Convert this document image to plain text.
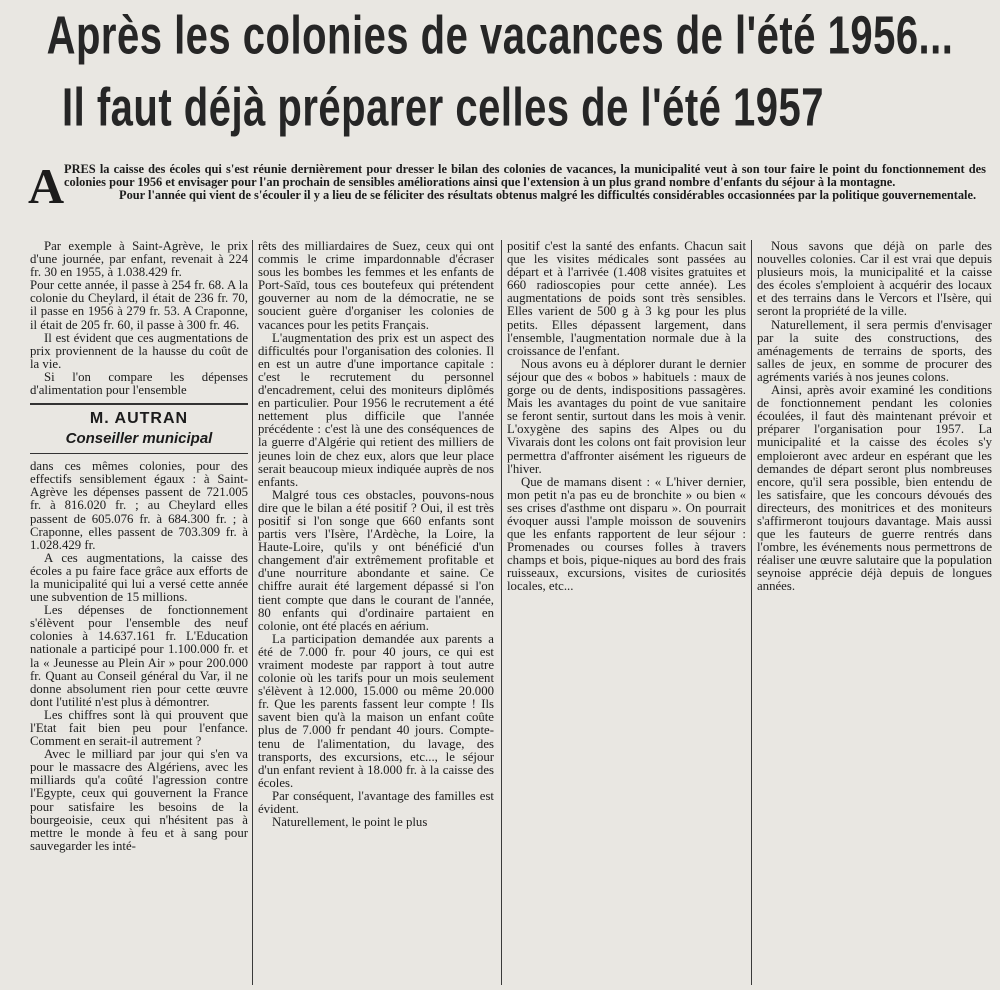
Après les colonies de vacances de l'été 1956...
Il faut déjà préparer celles de l'été 1957
A PRES la caisse des écoles qui s'est réunie dernièrement pour dresser le bilan des colonies de vacances, la municipalité veut à son tour faire le point du fonctionnement des colonies pour 1956 et envisager pour l'an prochain de sensibles améliorations ainsi que l'extension à un plus grand nombre d'enfants du séjour à la montagne.

Pour l'année qui vient de s'écouler il y a lieu de se féliciter des résultats obtenus malgré les difficultés considérables occasionnées par la politique gouvernementale.

Par exemple à Saint-Agrève, le prix d'une journée, par enfant, revenait à 224 fr. 30 en 1955, à 1.038.429 fr.

Pour cette année, il passe à 254 fr. 68. A la colonie du Cheylard, il était de 236 fr. 70, il passe en 1956 à 279 fr. 53. A Craponne, il était de 205 fr. 60, il passe à 300 fr. 46.

Il est évident que ces augmentations de prix proviennent de la hausse du coût de la vie.

Si l'on compare les dépenses d'alimentation pour l'ensemble

M. AUTRAN
Conseiller municipal

dans ces mêmes colonies, pour des effectifs sensiblement égaux : à Saint-Agrève les dépenses passent de 721.005 fr. à 816.020 fr. ; au Cheylard elles passent de 605.076 fr. à 684.300 fr. ; à Craponne, elles passent de 703.309 fr. à 1.028.429 fr.

A ces augmentations, la caisse des écoles a pu faire face grâce aux efforts de la municipalité qui lui a versé cette année une subvention de 15 millions.

Les dépenses de fonctionnement s'élèvent pour l'ensemble des neuf colonies à 14.637.161 fr. L'Education nationale a participé pour 1.100.000 fr. et la « Jeunesse au Plein Air » pour 200.000 fr. Quant au Conseil général du Var, il ne donne absolument rien pour cette œuvre dont l'utilité n'est plus à démontrer.

Les chiffres sont là qui prouvent que l'Etat fait bien peu pour l'enfance. Comment en serait-il autrement ?

Avec le milliard par jour qui s'en va pour le massacre des Algériens, avec les milliards qu'a coûté l'agression contre l'Egypte, ceux qui gouvernent la France pour satisfaire les besoins de la bourgeoisie, ceux qui n'hésitent pas à mettre le monde à feu et à sang pour sauvegarder les inté-

rêts des milliardaires de Suez, ceux qui ont commis le crime impardonnable d'écraser sous les bombes les femmes et les enfants de Port-Saïd, tous ces boutefeux qui prétendent gouverner au nom de la démocratie, ne se soucient guère d'organiser les colonies de vacances pour les petits Français.

L'augmentation des prix est un aspect des difficultés pour l'organisation des colonies. Il en est un autre d'une importance capitale : c'est le recrutement du personnel d'encadrement, celui des moniteurs diplômés en particulier. Pour 1956 le recrutement a été nettement plus difficile que l'année précédente : c'est là une des conséquences de la guerre d'Algérie qui retient des milliers de jeunes loin de chez eux, alors que leur place serait beaucoup mieux indiquée auprès de nos enfants.

Malgré tous ces obstacles, pouvons-nous dire que le bilan a été positif ? Oui, il est très positif si l'on songe que 660 enfants sont partis vers l'Isère, l'Ardèche, la Loire, la Haute-Loire, qu'ils y ont bénéficié d'un changement d'air extrêmement profitable et d'une nourriture abondante et saine. Ce chiffre aurait été largement dépassé si l'on tient compte que dans le courant de l'année, 80 enfants qui d'ordinaire partaient en colonie, ont été placés en aérium.

La participation demandée aux parents a été de 7.000 fr. pour 40 jours, ce qui est vraiment modeste par rapport à tout autre colonie où les tarifs pour un mois seulement s'élèvent à 12.000, 15.000 ou même 20.000 fr. Que les parents fassent leur compte ! Ils savent bien qu'à la maison un enfant coûte plus de 7.000 fr pendant 40 jours. Compte-tenu de l'alimentation, du lavage, des transports, des excursions, etc..., le séjour d'un enfant revient à 18.000 fr. à la caisse des écoles.

Par conséquent, l'avantage des familles est évident.

Naturellement, le point le plus

positif c'est la santé des enfants. Chacun sait que les visites médicales sont passées au départ et à l'arrivée (1.408 visites gratuites et 660 radioscopies pour cette année). Les augmentations de poids sont très sensibles. Elles varient de 500 g à 3 kg pour les plus petits. Elles dépassent largement, dans l'ensemble, l'augmentation normale due à la croissance de l'enfant.

Nous avons eu à déplorer durant le dernier séjour que des « bobos » habituels : maux de gorge ou de dents, indispositions passagères. Mais les avantages du point de vue sanitaire se feront sentir, surtout dans les mois à venir. L'oxygène des sapins des Alpes ou du Vivarais dont les colons ont fait provision leur permettra d'affronter aisément les rigueurs de l'hiver.

Que de mamans disent : « L'hiver dernier, mon petit n'a pas eu de bronchite » ou bien « ses crises d'asthme ont disparu ». On pourrait évoquer aussi l'ample moisson de souvenirs que les enfants rapportent de leur séjour : Promenades ou courses folles à travers champs et bois, pique-niques au bord des frais ruisseaux, excursions, visites de curiosités locales, etc...

Nous savons que déjà on parle des nouvelles colonies. Car il est vrai que depuis plusieurs mois, la municipalité et la caisse des écoles s'emploient à acquérir des locaux et des terrains dans le Vercors et l'Isère, qui seront la propriété de la ville.

Naturellement, il sera permis d'envisager par la suite des constructions, des aménagements de terrains de sports, des salles de jeux, en somme de procurer des agréments variés à nos jeunes colons.

Ainsi, après avoir examiné les conditions de fonctionnement pendant les colonies écoulées, il faut dès maintenant prévoir et préparer l'organisation pour 1957. La municipalité et la caisse des écoles s'y emploieront avec ardeur en espérant que les demandes de départ seront plus nombreuses encore, qu'il sera possible, bien entendu de les satisfaire, que les concours dévoués des directeurs, des monitrices et des moniteurs s'affirmeront toujours davantage. Mais aussi que les fauteurs de guerre rentrés dans l'ombre, les événements nous permettrons de réaliser une œuvre salutaire que la population seynoise apprécie déjà depuis de longues années.
